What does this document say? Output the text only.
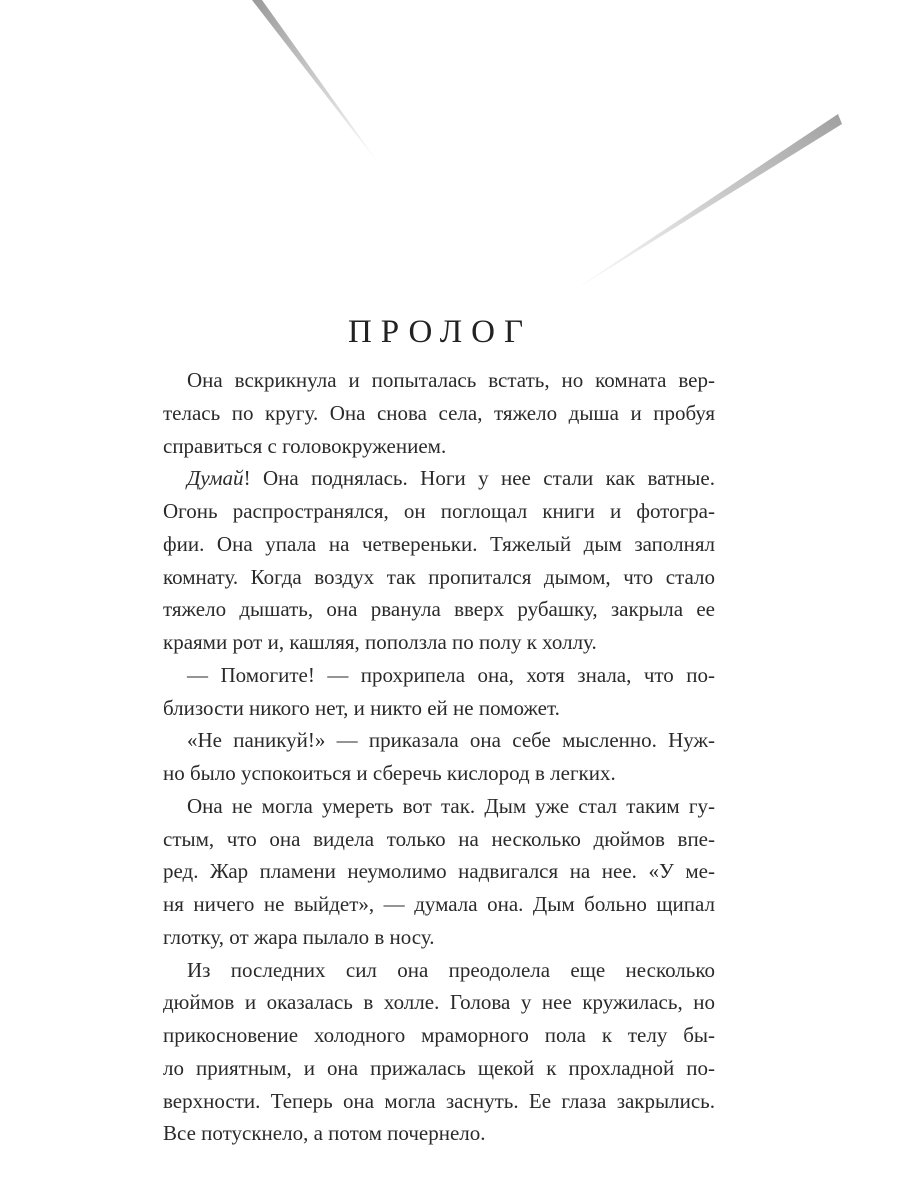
ПРОЛОГ
Она вскрикнула и попыталась встать, но комната вер-
телась по кругу. Она снова села, тяжело дыша и пробуя
справиться с головокружением.
Думай! Она поднялась. Ноги у нее стали как ватные.
Огонь распространялся, он поглощал книги и фотогра-
фии. Она упала на четвереньки. Тяжелый дым заполнял
комнату. Когда воздух так пропитался дымом, что стало
тяжело дышать, она рванула вверх рубашку, закрыла ее
краями рот и, кашляя, поползла по полу к холлу.
— Помогите! — прохрипела она, хотя знала, что по-
близости никого нет, и никто ей не поможет.
«Не паникуй!» — приказала она себе мысленно. Нуж-
но было успокоиться и сберечь кислород в легких.
Она не могла умереть вот так. Дым уже стал таким гу-
стым, что она видела только на несколько дюймов впе-
ред. Жар пламени неумолимо надвигался на нее. «У ме-
ня ничего не выйдет», — думала она. Дым больно щипал
глотку, от жара пылало в носу.
Из последних сил она преодолела еще несколько
дюймов и оказалась в холле. Голова у нее кружилась, но
прикосновение холодного мраморного пола к телу бы-
ло приятным, и она прижалась щекой к прохладной по-
верхности. Теперь она могла заснуть. Ее глаза закрылись.
Все потускнело, а потом почернело.
